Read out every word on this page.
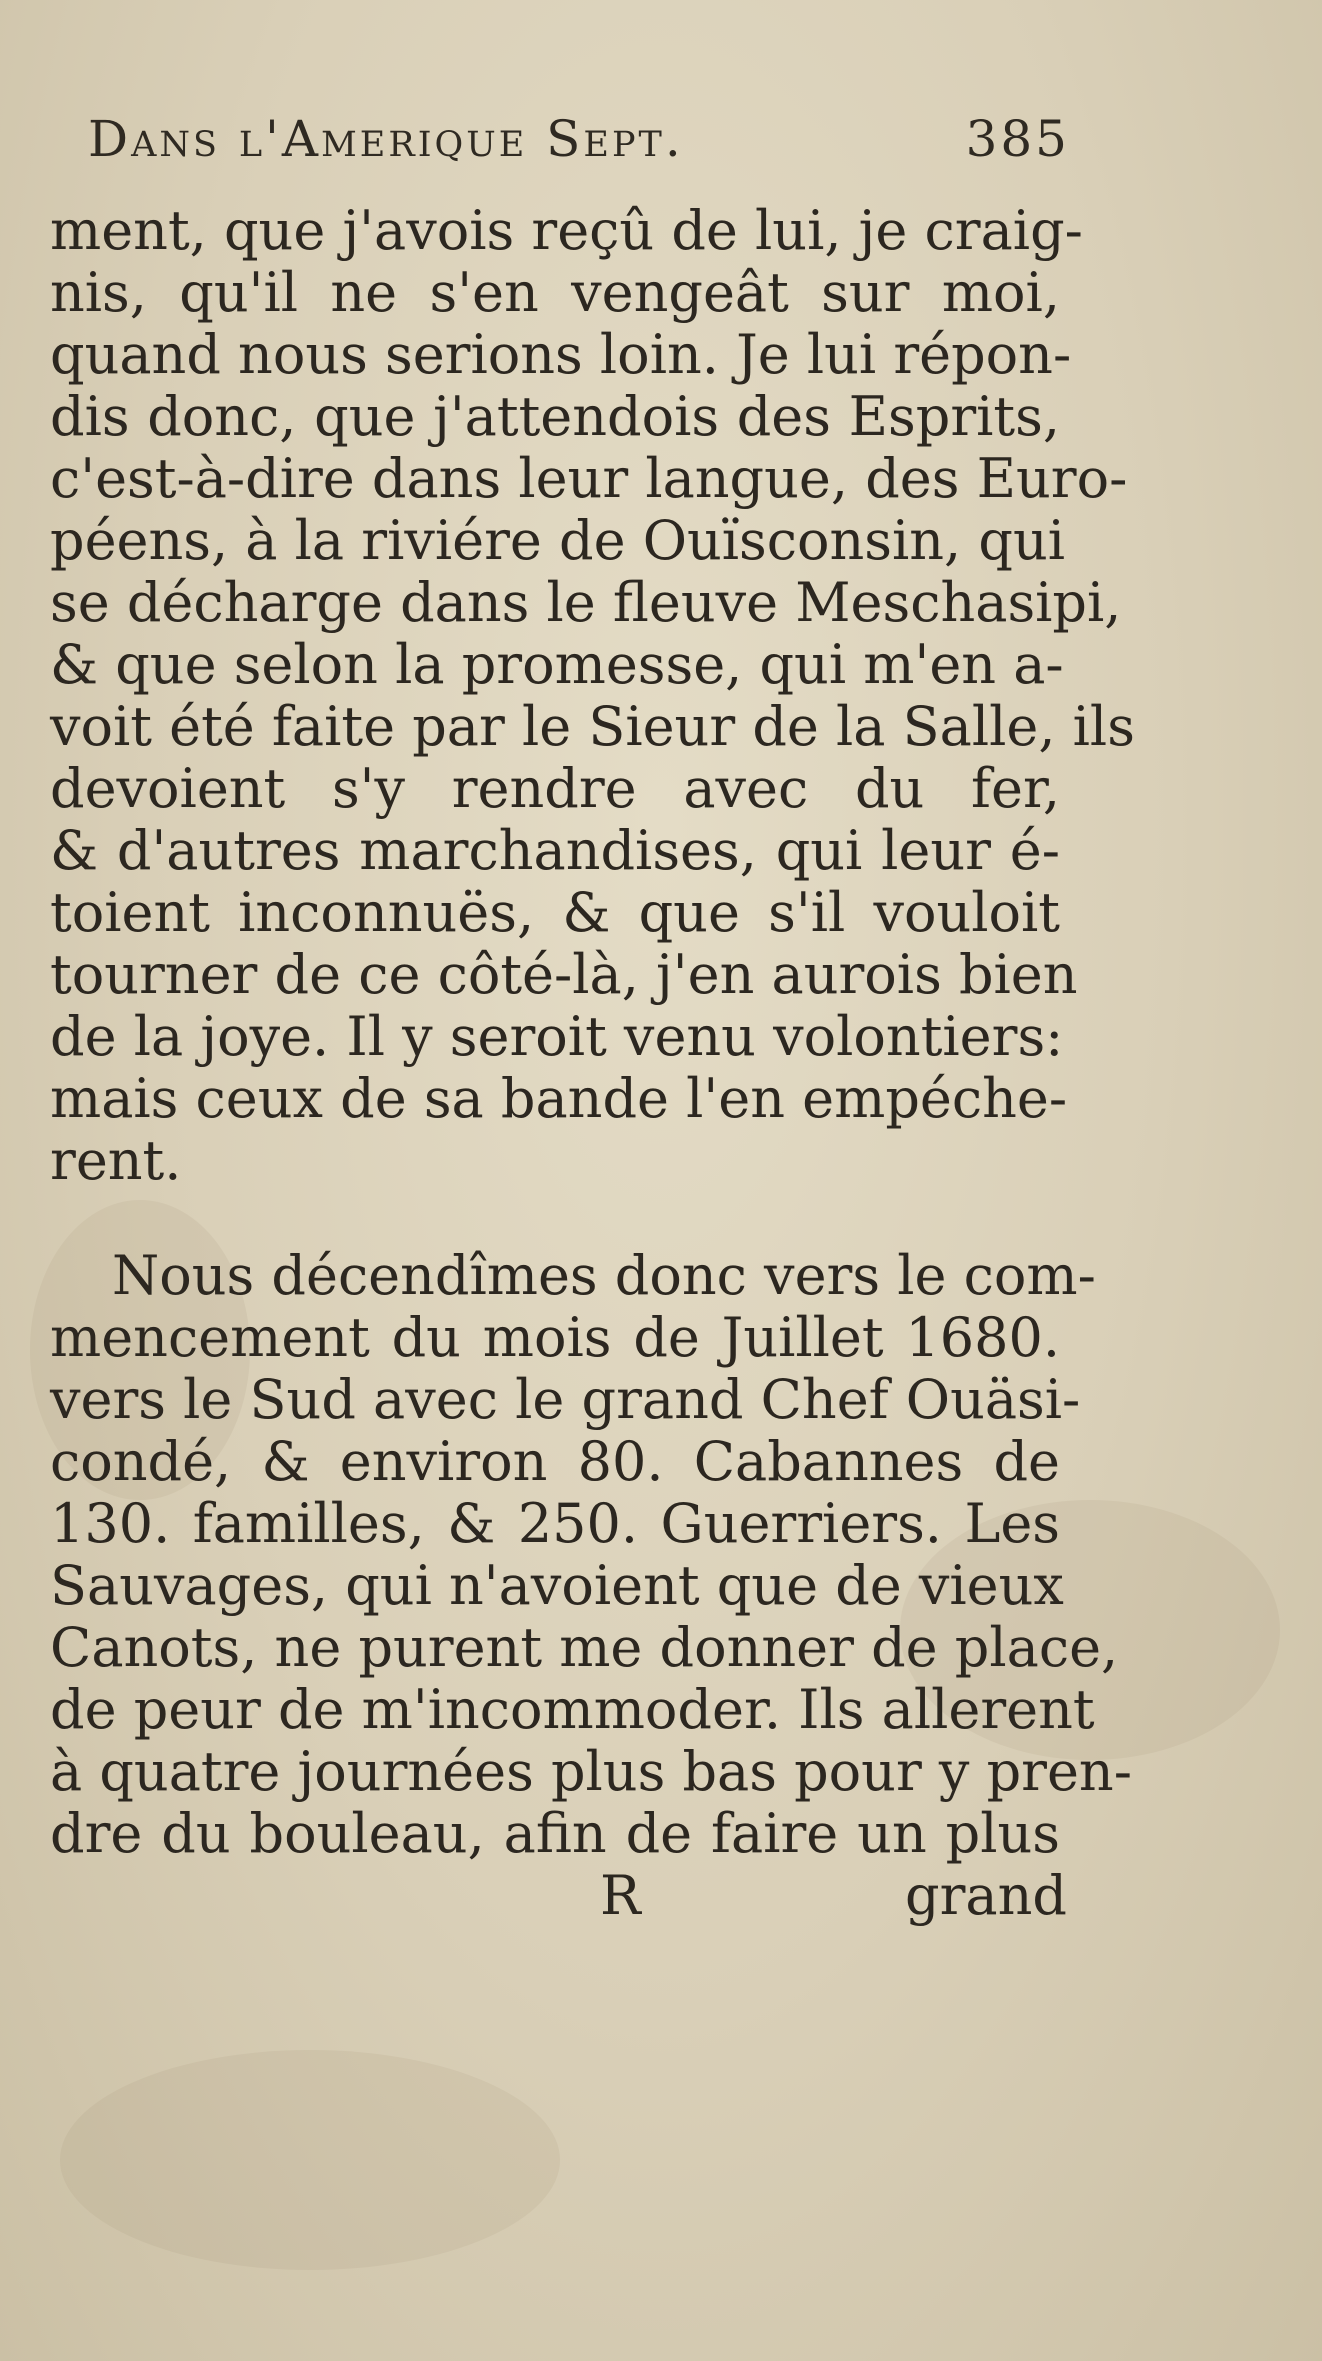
Dans l'Amerique Sept.	385
ment, que j'avois reçû de lui, je craig-
nis, qu'il ne s'en vengeât sur moi,
quand nous serions loin. Je lui répon-
dis donc, que j'attendois des Esprits,
c'est-à-dire dans leur langue, des Euro-
péens, à la riviére de Ouïsconsin, qui
se décharge dans le fleuve Meschasipi,
& que selon la promesse, qui m'en a-
voit été faite par le Sieur de la Salle, ils
devoient s'y rendre avec du fer,
& d'autres marchandises, qui leur é-
toient inconnuës, & que s'il vouloit
tourner de ce côté-là, j'en aurois bien
de la joye. Il y seroit venu volontiers:
mais ceux de sa bande l'en empéche-
rent.
Nous décendîmes donc vers le com-
mencement du mois de Juillet 1680.
vers le Sud avec le grand Chef Ouäsi-
condé, & environ 80. Cabannes de
130. familles, & 250. Guerriers. Les
Sauvages, qui n'avoient que de vieux
Canots, ne purent me donner de place,
de peur de m'incommoder. Ils allerent
à quatre journées plus bas pour y pren-
dre du bouleau, afin de faire un plus
R	grand
